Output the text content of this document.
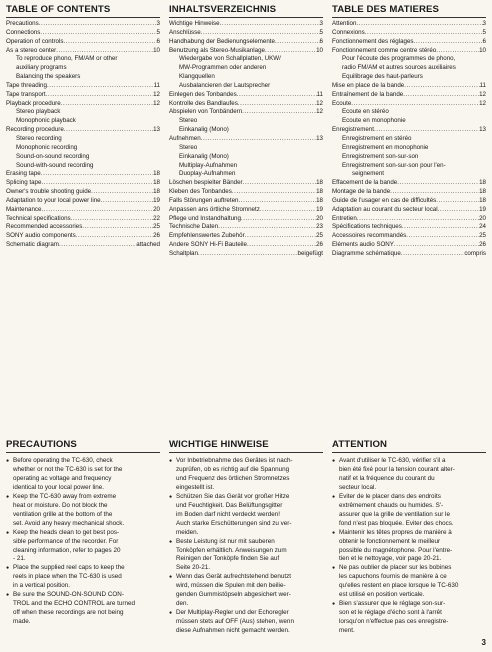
TABLE OF CONTENTS
Precautions .....	3
Connections .....	5
Operation of controls .....	6
As a stereo center .....	10
To reproduce phono, FM/AM or other
auxiliary programs
Balancing the speakers
Tape threading .....	11
Tape transport .....	12
Playback procedure .....	12
Stereo playback
Monophonic playback
Recording procedure .....	13
Stereo recording
Monophonic recording
Sound-on-sound recording
Sound-with-sound recording
Erasing tape .....	18
Splicing tape .....	18
Owner's trouble shooting guide .....	18
Adaptation to your local power line .....	19
Maintenance .....	20
Technical specifications .....	22
Recommended accessories .....	25
SONY audio components .....	26
Schematic diagram .....	attached
INHALTSVERZEICHNIS
Wichtige Hinweise .....	3
Anschlüsse .....	5
Handhabung der Bedienungselemente .....	6
Benutzung als Stereo-Musikanlage .....	10
Wiedergabe von Schallplatten, UKW/
MW-Programmen oder anderen
Klangquellen
Ausbalancieren der Lautsprecher
Einlegen des Tonbandes .....	11
Kontrolle des Bandlaufes .....	12
Abspielen von Tonbändern .....	12
Stereo
Einkanalig (Mono)
Aufnehmen .....	13
Stereo
Einkanalig (Mono)
Multiplay-Aufnahmen
Duoplay-Aufnahmen
Löschen bespielter Bänder .....	18
Kleben des Tonbandes .....	18
Falls Störungen auftreten .....	18
Anpassen ans örtliche Stromnetz .....	19
Pflege und Instandhaltung .....	20
Technische Daten .....	23
Empfehlenswertes Zubehör .....	25
Andere SONY Hi-Fi Bauteile .....	26
Schaltplan .....	beigefügt
TABLE DES MATIERES
Attention .....	3
Connexions .....	5
Fonctionnement des réglages .....	6
Fonctionnement comme centre stéréo .....	10
Pour l'écoute des programmes de phono,
radio FM/AM et autres sources auxiliaires
Equilibrage des haut-parleurs
Mise en place de la bande .....	11
Entraînement de la bande .....	12
Ecoute .....	12
Ecoute en stéréo
Ecoute en monophonie
Enregistrement .....	13
Enregistrement en stéréo
Enregistrement en monophonie
Enregistrement son-sur-son
Enregistrement son-sur-son pour l'en-
seignement
Effacement de la bande .....	18
Montage de la bande .....	18
Guide de l'usager en cas de difficultés .....	18
Adaptation au courant du secteur local .....	19
Entretien .....	20
Spécifications techniques .....	24
Accessoires recommandés .....	25
Eléments audio SONY .....	26
Diagramme schématique .....	compris
PRECAUTIONS
● Before operating the TC-630, check
whether or not the TC-630 is set for the
operating ac voltage and frequency
identical to your local power line.
● Keep the TC-630 away from extreme
heat or moisture. Do not block the
ventilation grille at the bottom of the
set. Avoid any heavy mechanical shock.
● Keep the heads clean to get best pos-
sible performance of the recorder. For
cleaning information, refer to pages 20
- 21.
● Place the supplied reel caps to keep the
reels in place when the TC-630 is used
in a vertical position.
● Be sure the SOUND-ON-SOUND CON-
TROL and the ECHO CONTROL are turned
off when these recordings are not being
made.
WICHTIGE HINWEISE
● Vor Inbetriebnahme des Gerätes ist nach-
zuprüfen, ob es richtig auf die Spannung
und Frequenz des örtlichen Stromnetzes
eingestellt ist.
● Schützen Sie das Gerät vor großer Hitze
und Feuchtigkeit. Das Belüftungsgitter
im Boden darf nicht verdeckt werden!
Auch starke Erschütterungen sind zu ver-
meiden.
● Beste Leistung ist nur mit sauberen
Tonköpfen erhältlich. Anweisungen zum
Reinigen der Tonköpfe finden Sie auf
Seite 20-21.
● Wenn das Gerät aufrechtstehend benutzt
wird, müssen die Spulen mit den beilie-
genden Gummistöpseln abgesichert wer-
den.
● Der Multiplay-Regler und der Echoregler
müssen stets auf OFF (Aus) stehen, wenn
diese Aufnahmen nicht gemacht werden.
ATTENTION
● Avant d'utiliser le TC-630, vérifier s'il a
bien été fixé pour la tension courant alter-
natif et la fréquence du courant du
secteur local.
● Eviter de le placer dans des endroits
extrêmement chauds ou humides. S'-
assurer que la grille de ventilation sur le
fond n'est pas bloquée. Eviter des chocs.
● Maintenir les têtes propres de manière à
obtenir le fonctionnement le meilleur
possible du magnétophone. Pour l'entre-
tien et le nettoyage, voir page 20-21.
● Ne pas oublier de placer sur les bobines
les capuchons fournis de manière à ce
qu'elles restent en place lorsque le TC-630
est utilisé en position verticale.
● Bien s'assurer que le réglage son-sur-
son et le réglage d'écho sont à l'arrêt
lorsqu'on n'effectue pas ces enregistre-
ment.
3
